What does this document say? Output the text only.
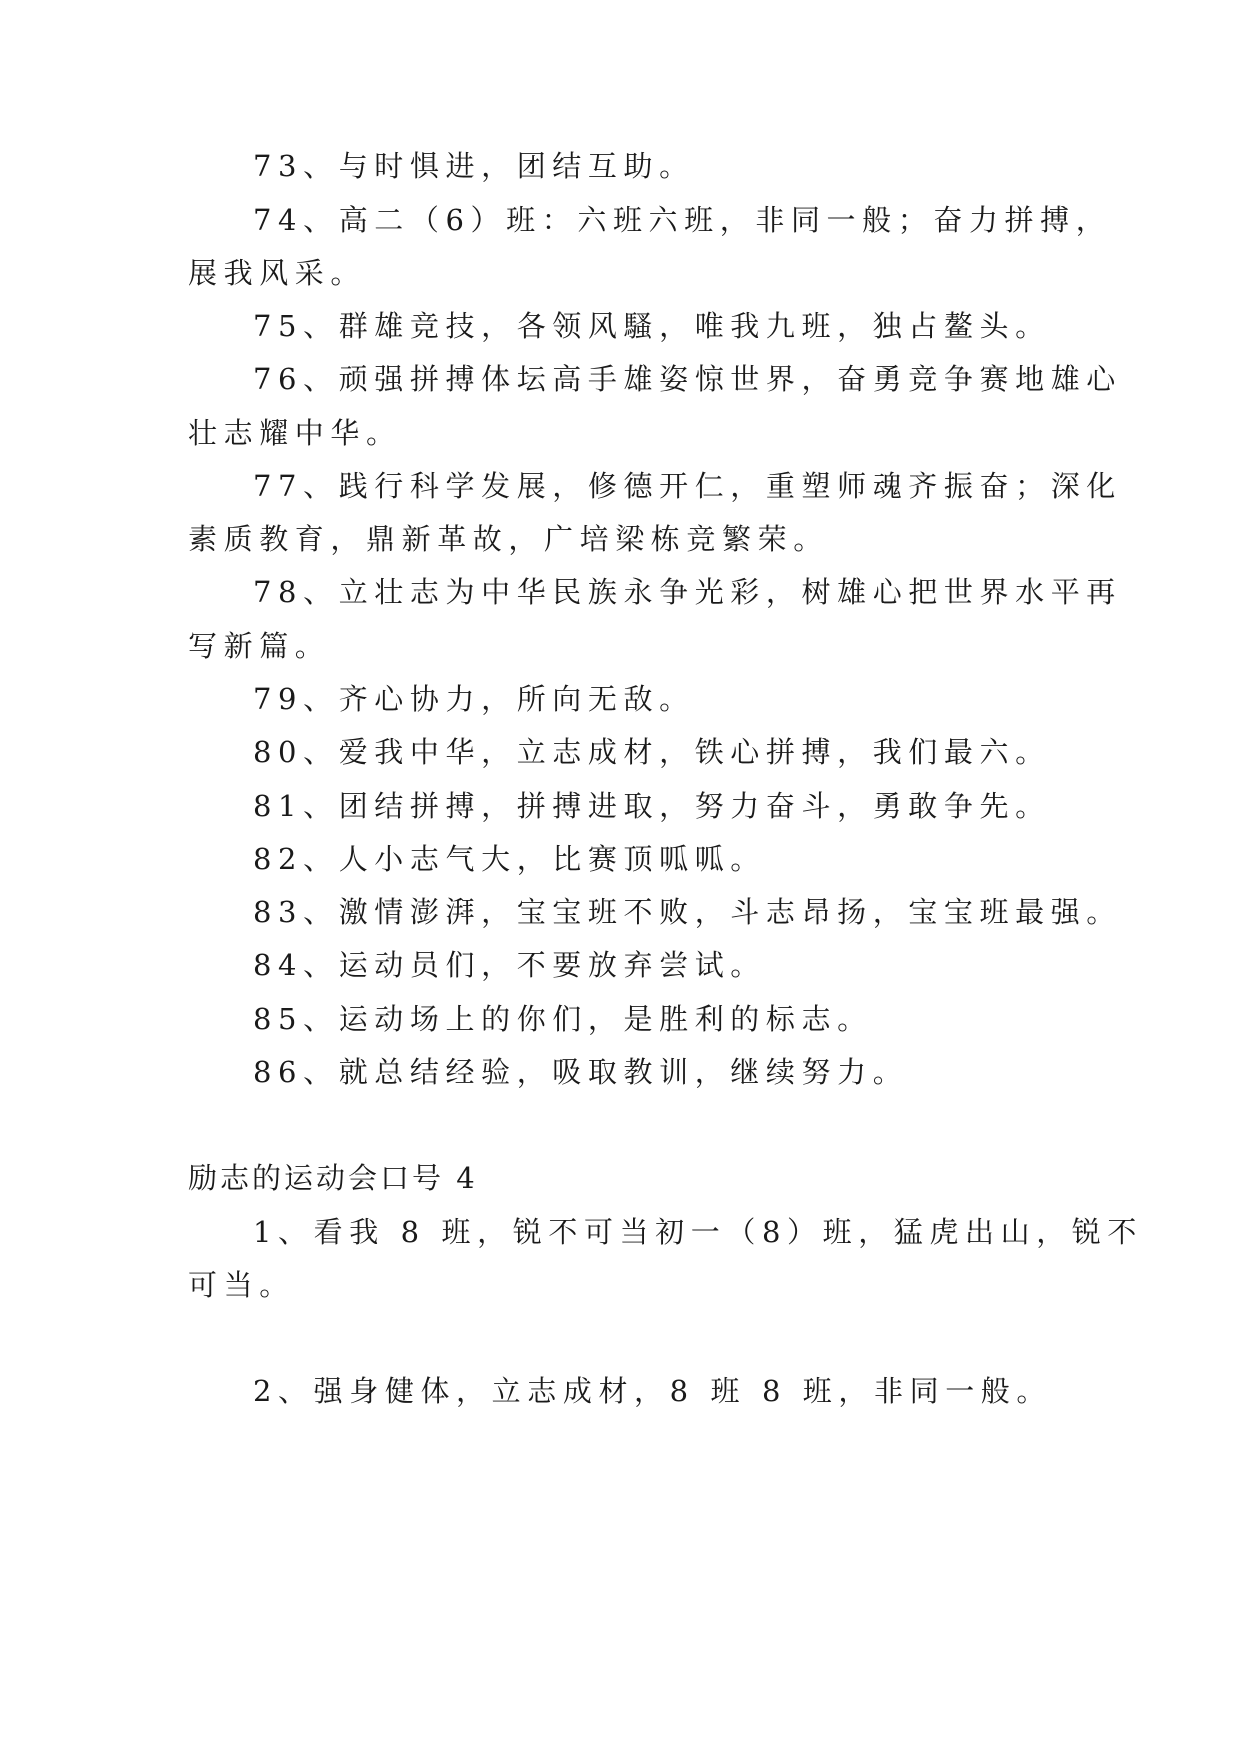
73、与时惧进，团结互助。

74、高二（6）班：六班六班，非同一般；奋力拼搏，

展我风采。

75、群雄竞技，各领风騷，唯我九班，独占鳌头。

76、顽强拼搏体坛高手雄姿惊世界，奋勇竞争赛地雄心

壮志耀中华。

77、践行科学发展，修德开仁，重塑师魂齐振奋；深化

素质教育，鼎新革故，广培梁栋竞繁荣。

78、立壮志为中华民族永争光彩，树雄心把世界水平再

写新篇。

79、齐心协力，所向无敌。

80、爱我中华，立志成材，铁心拼搏，我们最六。

81、团结拼搏，拼搏进取，努力奋斗，勇敢争先。

82、人小志气大，比赛顶呱呱。

83、激情澎湃，宝宝班不败，斗志昂扬，宝宝班最强。

84、运动员们，不要放弃尝试。

85、运动场上的你们，是胜利的标志。

86、就总结经验，吸取教训，继续努力。

励志的运动会口号 4

1、看我 8 班，锐不可当初一（8）班，猛虎出山，锐不

可当。

2、强身健体，立志成材，8 班 8 班，非同一般。
